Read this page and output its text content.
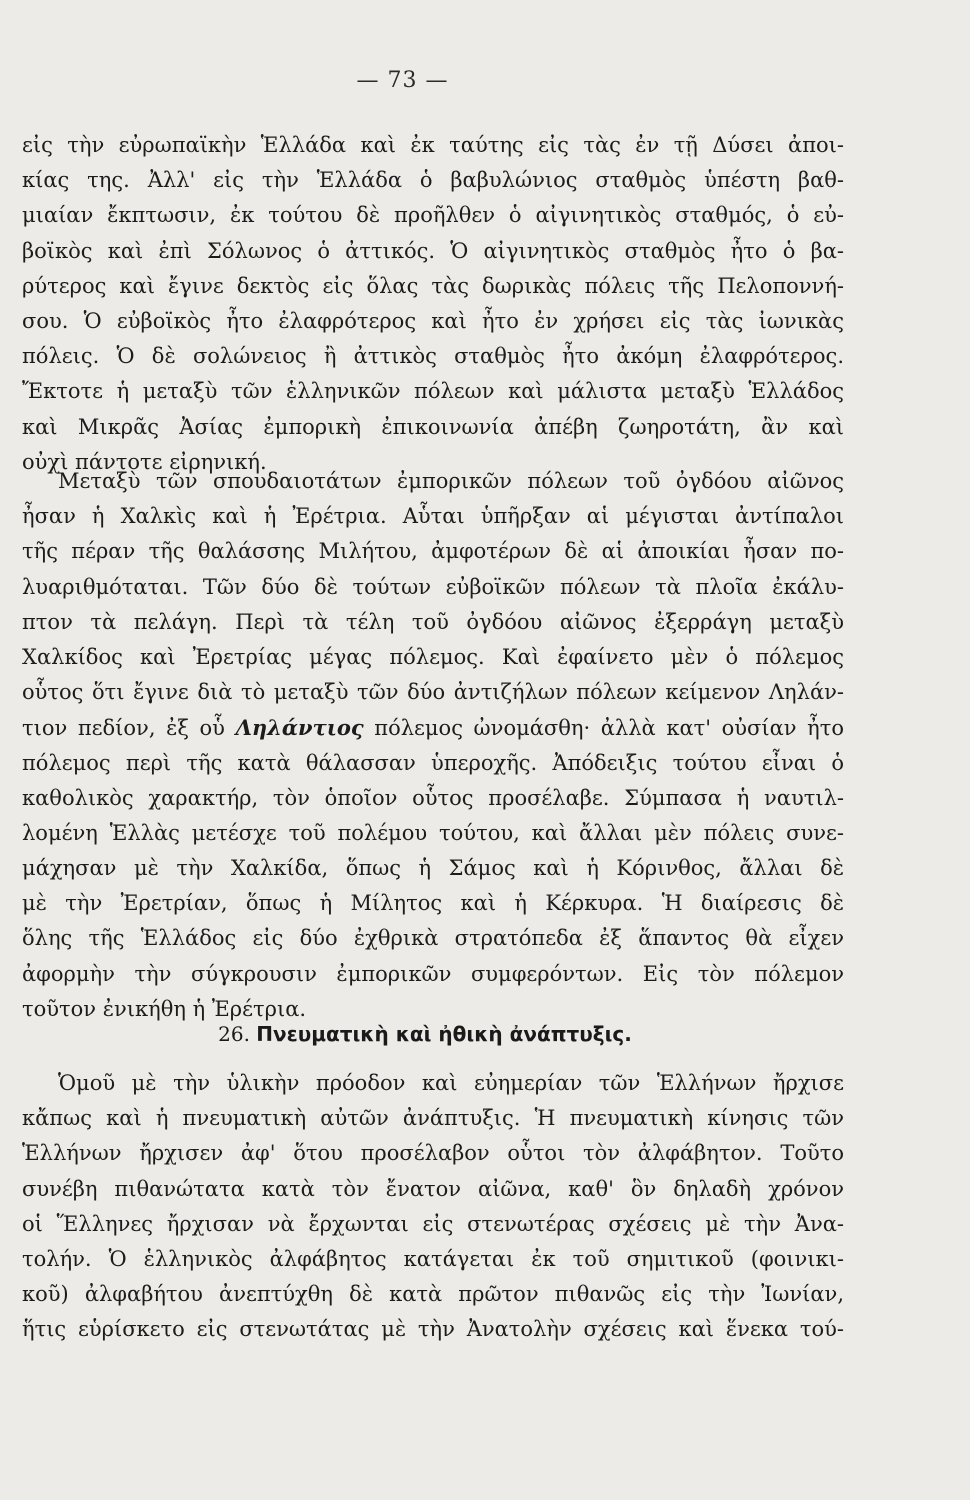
— 73 —
εἰς τὴν εὐρωπαϊκὴν Ἑλλάδα καὶ ἐκ ταύτης εἰς τὰς ἐν τῇ Δύσει ἀποι-
κίας της. Ἀλλ' εἰς τὴν Ἑλλάδα ὁ βαβυλώνιος σταθμὸς ὑπέστη βαθ-
μιαίαν ἔκπτωσιν, ἐκ τούτου δὲ προῆλθεν ὁ αἰγινητικὸς σταθμός, ὁ εὐ-
βοϊκὸς καὶ ἐπὶ Σόλωνος ὁ ἀττικός. Ὁ αἰγινητικὸς σταθμὸς ἦτο ὁ βα-
ρύτερος καὶ ἔγινε δεκτὸς εἰς ὅλας τὰς δωρικὰς πόλεις τῆς Πελοποννή-
σου. Ὁ εὐβοϊκὸς ἦτο ἐλαφρότερος καὶ ἦτο ἐν χρήσει εἰς τὰς ἰωνικὰς
πόλεις. Ὁ δὲ σολώνειος ἢ ἀττικὸς σταθμὸς ἦτο ἀκόμη ἐλαφρότερος.
Ἔκτοτε ἡ μεταξὺ τῶν ἑλληνικῶν πόλεων καὶ μάλιστα μεταξὺ Ἑλλάδος
καὶ Μικρᾶς Ἀσίας ἐμπορικὴ ἐπικοινωνία ἀπέβη ζωηροτάτη, ἂν καὶ
οὐχὶ πάντοτε εἰρηνική.
Μεταξὺ τῶν σπουδαιοτάτων ἐμπορικῶν πόλεων τοῦ ὀγδόου αἰῶνος
ἦσαν ἡ Χαλκὶς καὶ ἡ Ἐρέτρια. Αὗται ὑπῆρξαν αἱ μέγισται ἀντίπαλοι
τῆς πέραν τῆς θαλάσσης Μιλήτου, ἀμφοτέρων δὲ αἱ ἀποικίαι ἦσαν πο-
λυαριθμόταται. Τῶν δύο δὲ τούτων εὐβοϊκῶν πόλεων τὰ πλοῖα ἐκάλυ-
πτον τὰ πελάγη. Περὶ τὰ τέλη τοῦ ὀγδόου αἰῶνος ἐξερράγη μεταξὺ
Χαλκίδος καὶ Ἐρετρίας μέγας πόλεμος. Καὶ ἐφαίνετο μὲν ὁ πόλεμος
οὗτος ὅτι ἔγινε διὰ τὸ μεταξὺ τῶν δύο ἀντιζήλων πόλεων κείμενον Ληλάν-
τιον πεδίον, ἐξ οὗ Ληλάντιος πόλεμος ὠνομάσθη· ἀλλὰ κατ' οὐσίαν ἦτο
πόλεμος περὶ τῆς κατὰ θάλασσαν ὑπεροχῆς. Ἀπόδειξις τούτου εἶναι ὁ
καθολικὸς χαρακτήρ, τὸν ὁποῖον οὗτος προσέλαβε. Σύμπασα ἡ ναυτιλ-
λομένη Ἑλλὰς μετέσχε τοῦ πολέμου τούτου, καὶ ἄλλαι μὲν πόλεις συνε-
μάχησαν μὲ τὴν Χαλκίδα, ὅπως ἡ Σάμος καὶ ἡ Κόρινθος, ἄλλαι δὲ
μὲ τὴν Ἐρετρίαν, ὅπως ἡ Μίλητος καὶ ἡ Κέρκυρα. Ἡ διαίρεσις δὲ
ὅλης τῆς Ἑλλάδος εἰς δύο ἐχθρικὰ στρατόπεδα ἐξ ἅπαντος θὰ εἶχεν
ἀφορμὴν τὴν σύγκρουσιν ἐμπορικῶν συμφερόντων. Εἰς τὸν πόλεμον
τοῦτον ἐνικήθη ἡ Ἐρέτρια.
26. Πνευματικὴ καὶ ἠθικὴ ἀνάπτυξις.
Ὁμοῦ μὲ τὴν ὑλικὴν πρόοδον καὶ εὐημερίαν τῶν Ἑλλήνων ἤρχισε
κἄπως καὶ ἡ πνευματικὴ αὐτῶν ἀνάπτυξις. Ἡ πνευματικὴ κίνησις τῶν
Ἑλλήνων ἤρχισεν ἀφ' ὅτου προσέλαβον οὗτοι τὸν ἀλφάβητον. Τοῦτο
συνέβη πιθανώτατα κατὰ τὸν ἔνατον αἰῶνα, καθ' ὃν δηλαδὴ χρόνον
οἱ Ἕλληνες ἤρχισαν νὰ ἔρχωνται εἰς στενωτέρας σχέσεις μὲ τὴν Ἀνα-
τολήν. Ὁ ἑλληνικὸς ἀλφάβητος κατάγεται ἐκ τοῦ σημιτικοῦ (φοινικι-
κοῦ) ἀλφαβήτου ἀνεπτύχθη δὲ κατὰ πρῶτον πιθανῶς εἰς τὴν Ἰωνίαν,
ἥτις εὑρίσκετο εἰς στενωτάτας μὲ τὴν Ἀνατολὴν σχέσεις καὶ ἕνεκα τού-
